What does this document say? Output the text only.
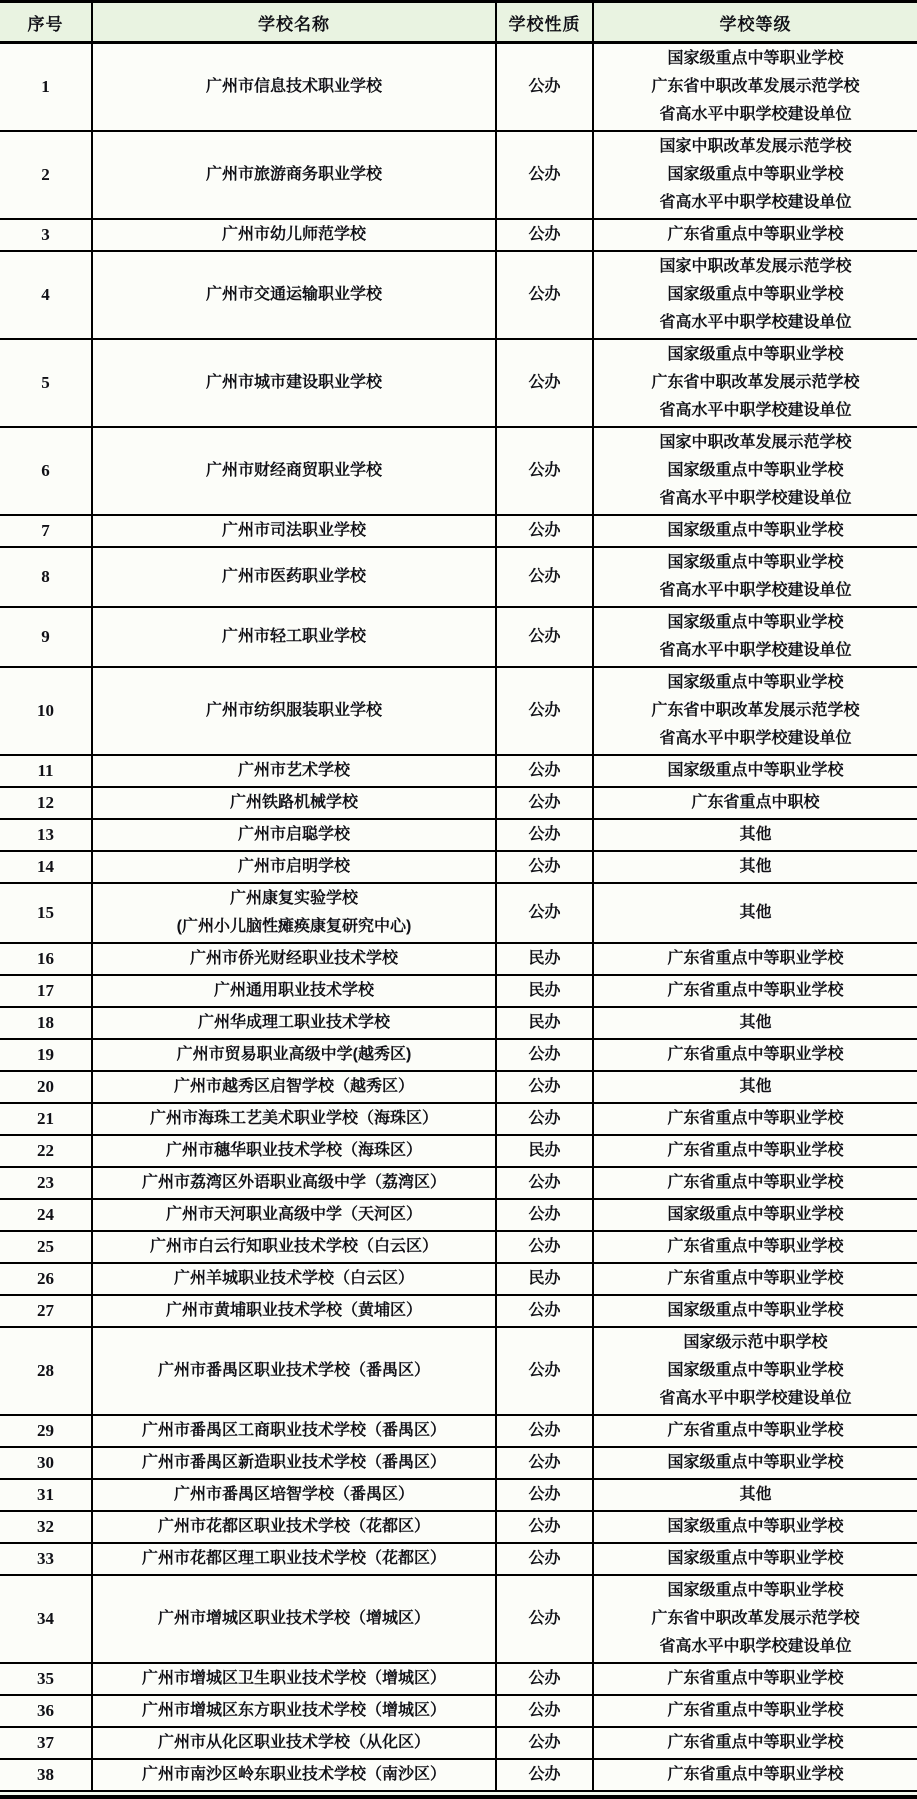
序号	学校名称	学校性质	学校等级

1	广州市信息技术职业学校	公办	国家级重点中等职业学校
广东省中职改革发展示范学校
省高水平中职学校建设单位

2	广州市旅游商务职业学校	公办	国家中职改革发展示范学校
国家级重点中等职业学校
省高水平中职学校建设单位

3	广州市幼儿师范学校	公办	广东省重点中等职业学校

4	广州市交通运输职业学校	公办	国家中职改革发展示范学校
国家级重点中等职业学校
省高水平中职学校建设单位

5	广州市城市建设职业学校	公办	国家级重点中等职业学校
广东省中职改革发展示范学校
省高水平中职学校建设单位

6	广州市财经商贸职业学校	公办	国家中职改革发展示范学校
国家级重点中等职业学校
省高水平中职学校建设单位

7	广州市司法职业学校	公办	国家级重点中等职业学校

8	广州市医药职业学校	公办	国家级重点中等职业学校
省高水平中职学校建设单位

9	广州市轻工职业学校	公办	国家级重点中等职业学校
省高水平中职学校建设单位

10	广州市纺织服装职业学校	公办	国家级重点中等职业学校
广东省中职改革发展示范学校
省高水平中职学校建设单位

11	广州市艺术学校	公办	国家级重点中等职业学校

12	广州铁路机械学校	公办	广东省重点中职校

13	广州市启聪学校	公办	其他

14	广州市启明学校	公办	其他

15	广州康复实验学校
(广州小儿脑性瘫痪康复研究中心)	公办	其他

16	广州市侨光财经职业技术学校	民办	广东省重点中等职业学校

17	广州通用职业技术学校	民办	广东省重点中等职业学校

18	广州华成理工职业技术学校	民办	其他

19	广州市贸易职业高级中学(越秀区)	公办	广东省重点中等职业学校

20	广州市越秀区启智学校（越秀区）	公办	其他

21	广州市海珠工艺美术职业学校（海珠区）	公办	广东省重点中等职业学校

22	广州市穗华职业技术学校（海珠区）	民办	广东省重点中等职业学校

23	广州市荔湾区外语职业高级中学（荔湾区）	公办	广东省重点中等职业学校

24	广州市天河职业高级中学（天河区）	公办	国家级重点中等职业学校

25	广州市白云行知职业技术学校（白云区）	公办	广东省重点中等职业学校

26	广州羊城职业技术学校（白云区）	民办	广东省重点中等职业学校

27	广州市黄埔职业技术学校（黄埔区）	公办	国家级重点中等职业学校

28	广州市番禺区职业技术学校（番禺区）	公办	国家级示范中职学校
国家级重点中等职业学校
省高水平中职学校建设单位

29	广州市番禺区工商职业技术学校（番禺区）	公办	广东省重点中等职业学校

30	广州市番禺区新造职业技术学校（番禺区）	公办	国家级重点中等职业学校

31	广州市番禺区培智学校（番禺区）	公办	其他

32	广州市花都区职业技术学校（花都区）	公办	国家级重点中等职业学校

33	广州市花都区理工职业技术学校（花都区）	公办	国家级重点中等职业学校

34	广州市增城区职业技术学校（增城区）	公办	国家级重点中等职业学校
广东省中职改革发展示范学校
省高水平中职学校建设单位

35	广州市增城区卫生职业技术学校（增城区）	公办	广东省重点中等职业学校

36	广州市增城区东方职业技术学校（增城区）	公办	广东省重点中等职业学校

37	广州市从化区职业技术学校（从化区）	公办	广东省重点中等职业学校

38	广州市南沙区岭东职业技术学校（南沙区）	公办	广东省重点中等职业学校
